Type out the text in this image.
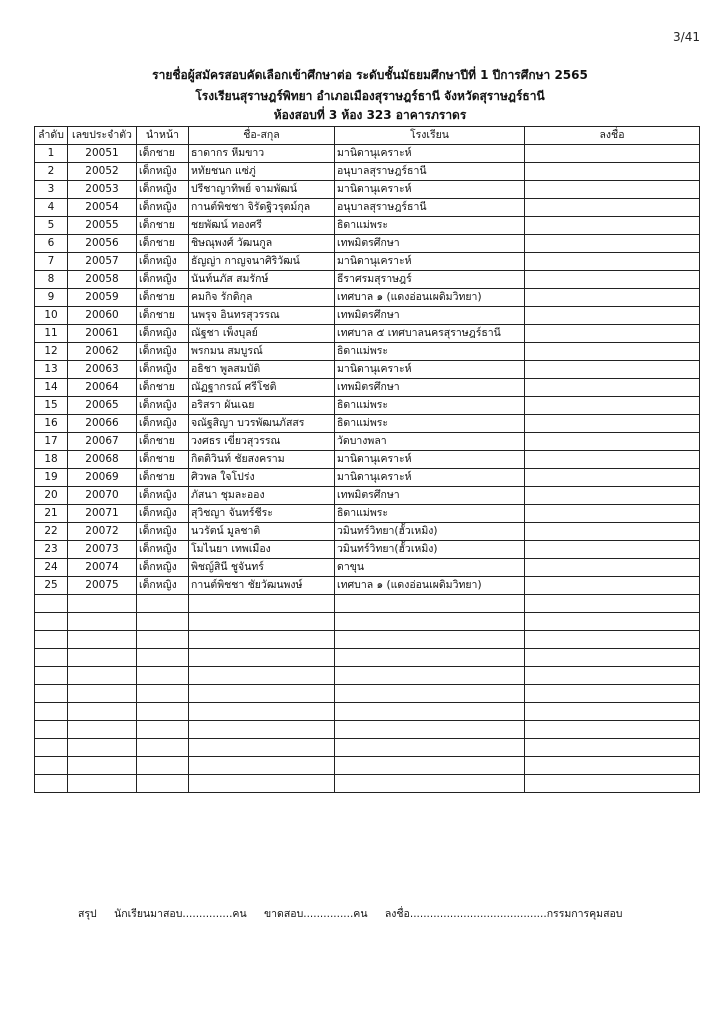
3/41
รายชื่อผู้สมัครสอบคัดเลือกเข้าศึกษาต่อ ระดับชั้นมัธยมศึกษาปีที่ 1 ปีการศึกษา 2565
โรงเรียนสุราษฎร์พิทยา อำเภอเมืองสุราษฎร์ธานี จังหวัดสุราษฎร์ธานี
ห้องสอบที่ 3 ห้อง 323 อาคารภราดร
ลำดับ	เลขประจำตัว	นำหน้า	ชื่อ-สกุล	โรงเรียน	ลงชื่อ
1	20051	เด็กชาย	ธาดากร หีมขาว	มานิดานุเคราะห์	
2	20052	เด็กหญิง	หทัยชนก แซ่ภู่	อนุบาลสุราษฎร์ธานี	
3	20053	เด็กหญิง	ปรีชาญาทิพย์ จามพัฒน์	มานิดานุเคราะห์	
4	20054	เด็กหญิง	กานต์พิชชา จิรัดฐิวรุตม์กุล	อนุบาลสุราษฎร์ธานี	
5	20055	เด็กชาย	ชยพัฒน์ ทองศรี	ธิดาแม่พระ	
6	20056	เด็กชาย	ชิษณุพงศ์ วัฒนกูล	เทพมิตรศึกษา	
7	20057	เด็กหญิง	ธัญญ่า กาญจนาศิริวัฒน์	มานิดานุเคราะห์	
8	20058	เด็กหญิง	นันท์นภัส สมรักษ์	ธีราศรมสุราษฎร์	
9	20059	เด็กชาย	คมกิจ รักดิกุล	เทศบาล ๑ (แดงอ่อนเผดิมวิทยา)	
10	20060	เด็กชาย	นพรุจ อินทรสุวรรณ	เทพมิตรศึกษา	
11	20061	เด็กหญิง	ณัฐชา เพ็งบุลย์	เทศบาล ๕ เทศบาลนครสุราษฎร์ธานี	
12	20062	เด็กหญิง	พรกมน สมบูรณ์	ธิดาแม่พระ	
13	20063	เด็กหญิง	อธิชา พูลสมบัติ	มานิดานุเคราะห์	
14	20064	เด็กชาย	ณัฏฐากรณ์ ศรีโชติ	เทพมิตรศึกษา	
15	20065	เด็กหญิง	อริสรา ผันเฉย	ธิดาแม่พระ	
16	20066	เด็กหญิง	จณัฐสิญา บวรพัฒนภัสสร	ธิดาแม่พระ	
17	20067	เด็กชาย	วงศธร เขี่ยวสุวรรณ	วัดบางพลา	
18	20068	เด็กชาย	กิตติวินท์ ชัยสงคราม	มานิดานุเคราะห์	
19	20069	เด็กชาย	ศิวพล ใจโปร่ง	มานิดานุเคราะห์	
20	20070	เด็กหญิง	ภัสนา ชุมละออง	เทพมิตรศึกษา	
21	20071	เด็กหญิง	สุวิชญา จันทร์ชีระ	ธิดาแม่พระ	
22	20072	เด็กหญิง	นวรัตน์ มูลชาติ	วมินทร์วิทยา(ฮั้วเหมิง)	
23	20073	เด็กหญิง	โมไนยา เทพเมือง	วมินทร์วิทยา(ฮั้วเหมิง)	
24	20074	เด็กหญิง	พิชญ์สินี ชูจันทร์	ดาขุน	
25	20075	เด็กหญิง	กานต์พิชชา ชัยวัฒนพงษ์	เทศบาล ๑ (แดงอ่อนเผดิมวิทยา)	

สรุป นักเรียนมาสอบ...............คน ขาดสอบ...............คน ลงชื่อ.........................................กรรมการคุมสอบ
